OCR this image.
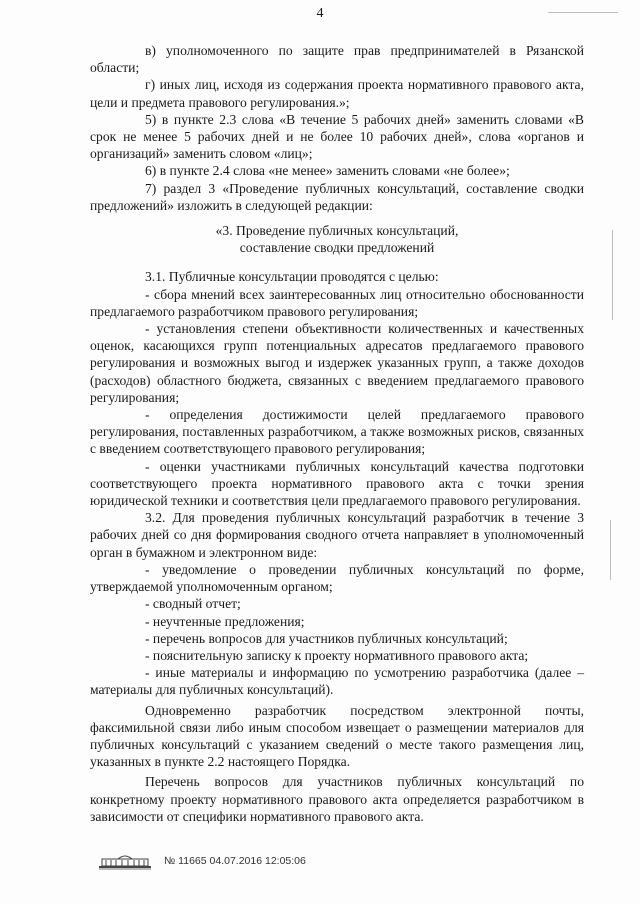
4

в) уполномоченного по защите прав предпринимателей в Рязанской области;

г) иных лиц, исходя из содержания проекта нормативного правового акта, цели и предмета правового регулирования.»;

5) в пункте 2.3 слова «В течение 5 рабочих дней» заменить словами «В срок не менее 5 рабочих дней и не более 10 рабочих дней», слова «органов и организаций» заменить словом «лиц»;

6) в пункте 2.4 слова «не менее» заменить словами «не более»;

7) раздел 3 «Проведение публичных консультаций, составление сводки предложений» изложить в следующей редакции:

«3. Проведение публичных консультаций,
составление сводки предложений

3.1. Публичные консультации проводятся с целью:

- сбора мнений всех заинтересованных лиц относительно обоснованности предлагаемого разработчиком правового регулирования;

- установления степени объективности количественных и качественных оценок, касающихся групп потенциальных адресатов предлагаемого правового регулирования и возможных выгод и издержек указанных групп, а также доходов (расходов) областного бюджета, связанных с введением предлагаемого правового регулирования;

- определения достижимости целей предлагаемого правового регулирования, поставленных разработчиком, а также возможных рисков, связанных с введением соответствующего правового регулирования;

- оценки участниками публичных консультаций качества подготовки соответствующего проекта нормативного правового акта с точки зрения юридической техники и соответствия цели предлагаемого правового регулирования.

3.2. Для проведения публичных консультаций разработчик в течение 3 рабочих дней со дня формирования сводного отчета направляет в уполномоченный орган в бумажном и электронном виде:

- уведомление о проведении публичных консультаций по форме, утверждаемой уполномоченным органом;

- сводный отчет;

- неучтенные предложения;

- перечень вопросов для участников публичных консультаций;

- пояснительную записку к проекту нормативного правового акта;

- иные материалы и информацию по усмотрению разработчика (далее – материалы для публичных консультаций).

Одновременно разработчик посредством электронной почты, факсимильной связи либо иным способом извещает о размещении материалов для публичных консультаций с указанием сведений о месте такого размещения лиц, указанных в пункте 2.2 настоящего Порядка.

Перечень вопросов для участников публичных консультаций по конкретному проекту нормативного правового акта определяется разработчиком в зависимости от специфики нормативного правового акта.

№ 11665 04.07.2016 12:05:06
